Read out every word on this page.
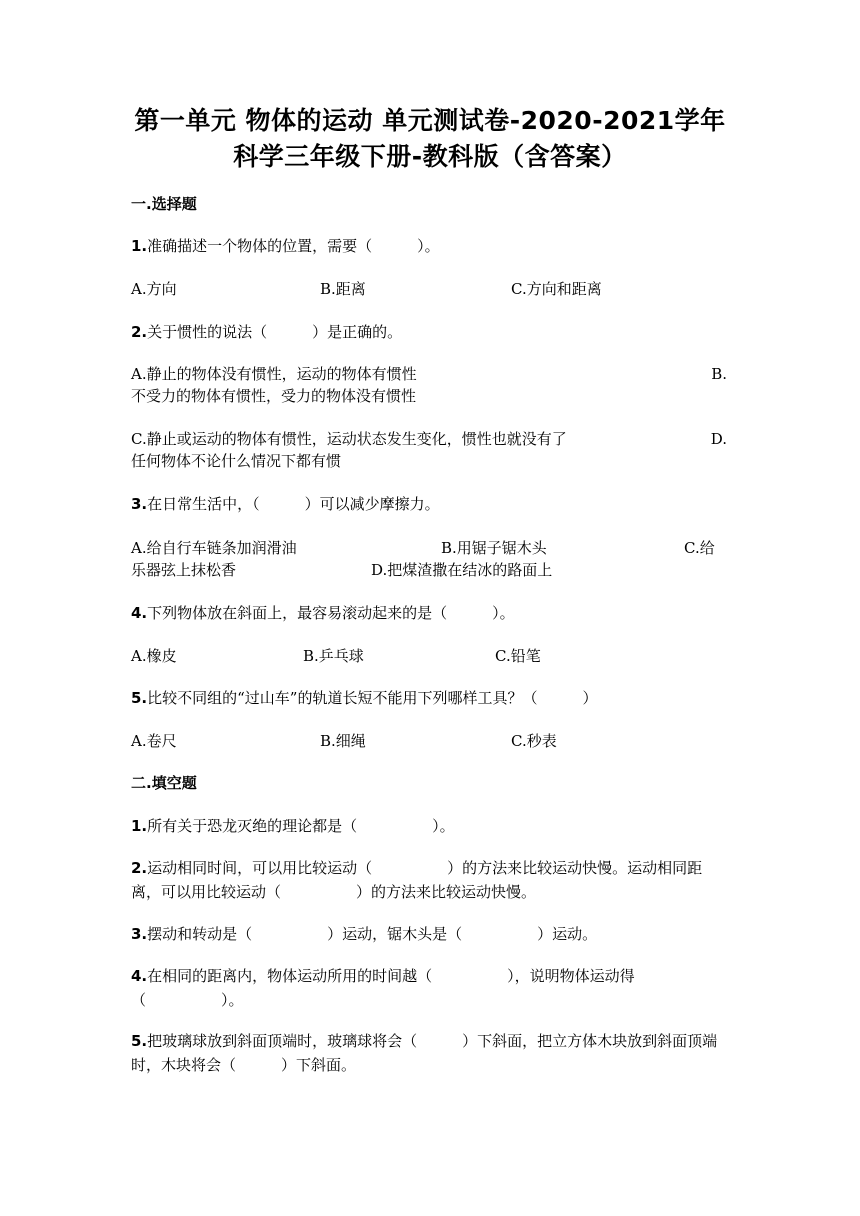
第一单元 物体的运动 单元测试卷-2020-2021学年
科学三年级下册-教科版（含答案）
一.选择题
1.准确描述一个物体的位置，需要（　　　）。
A.方向	B.距离	C.方向和距离
2.关于惯性的说法（　　　）是正确的。
A.静止的物体没有惯性，运动的物体有惯性	B.

不受力的物体有惯性，受力的物体没有惯性
C.静止或运动的物体有惯性，运动状态发生变化，惯性也就没有了	D.

任何物体不论什么情况下都有惯
3.在日常生活中，（　　　）可以减少摩擦力。
A.给自行车链条加润滑油	B.用锯子锯木头	C.给
乐器弦上抹松香	D.把煤渣撒在结冰的路面上
4.下列物体放在斜面上，最容易滚动起来的是（　　　）。
A.橡皮	B.乒乓球	C.铅笔
5.比较不同组的“过山车”的轨道长短不能用下列哪样工具？（　　　）
A.卷尺	B.细绳	C.秒表
二.填空题
1.所有关于恐龙灭绝的理论都是（　　　　　）。
2.运动相同时间，可以用比较运动（　　　　　）的方法来比较运动快慢。运动相同距离，可以用比较运动（　　　　　）的方法来比较运动快慢。
3.摆动和转动是（　　　　　）运动，锯木头是（　　　　　）运动。
4.在相同的距离内，物体运动所用的时间越（　　　　　），说明物体运动得（　　　　　）。
5.把玻璃球放到斜面顶端时，玻璃球将会（　　　）下斜面，把立方体木块放到斜面顶端时，木块将会（　　　）下斜面。
